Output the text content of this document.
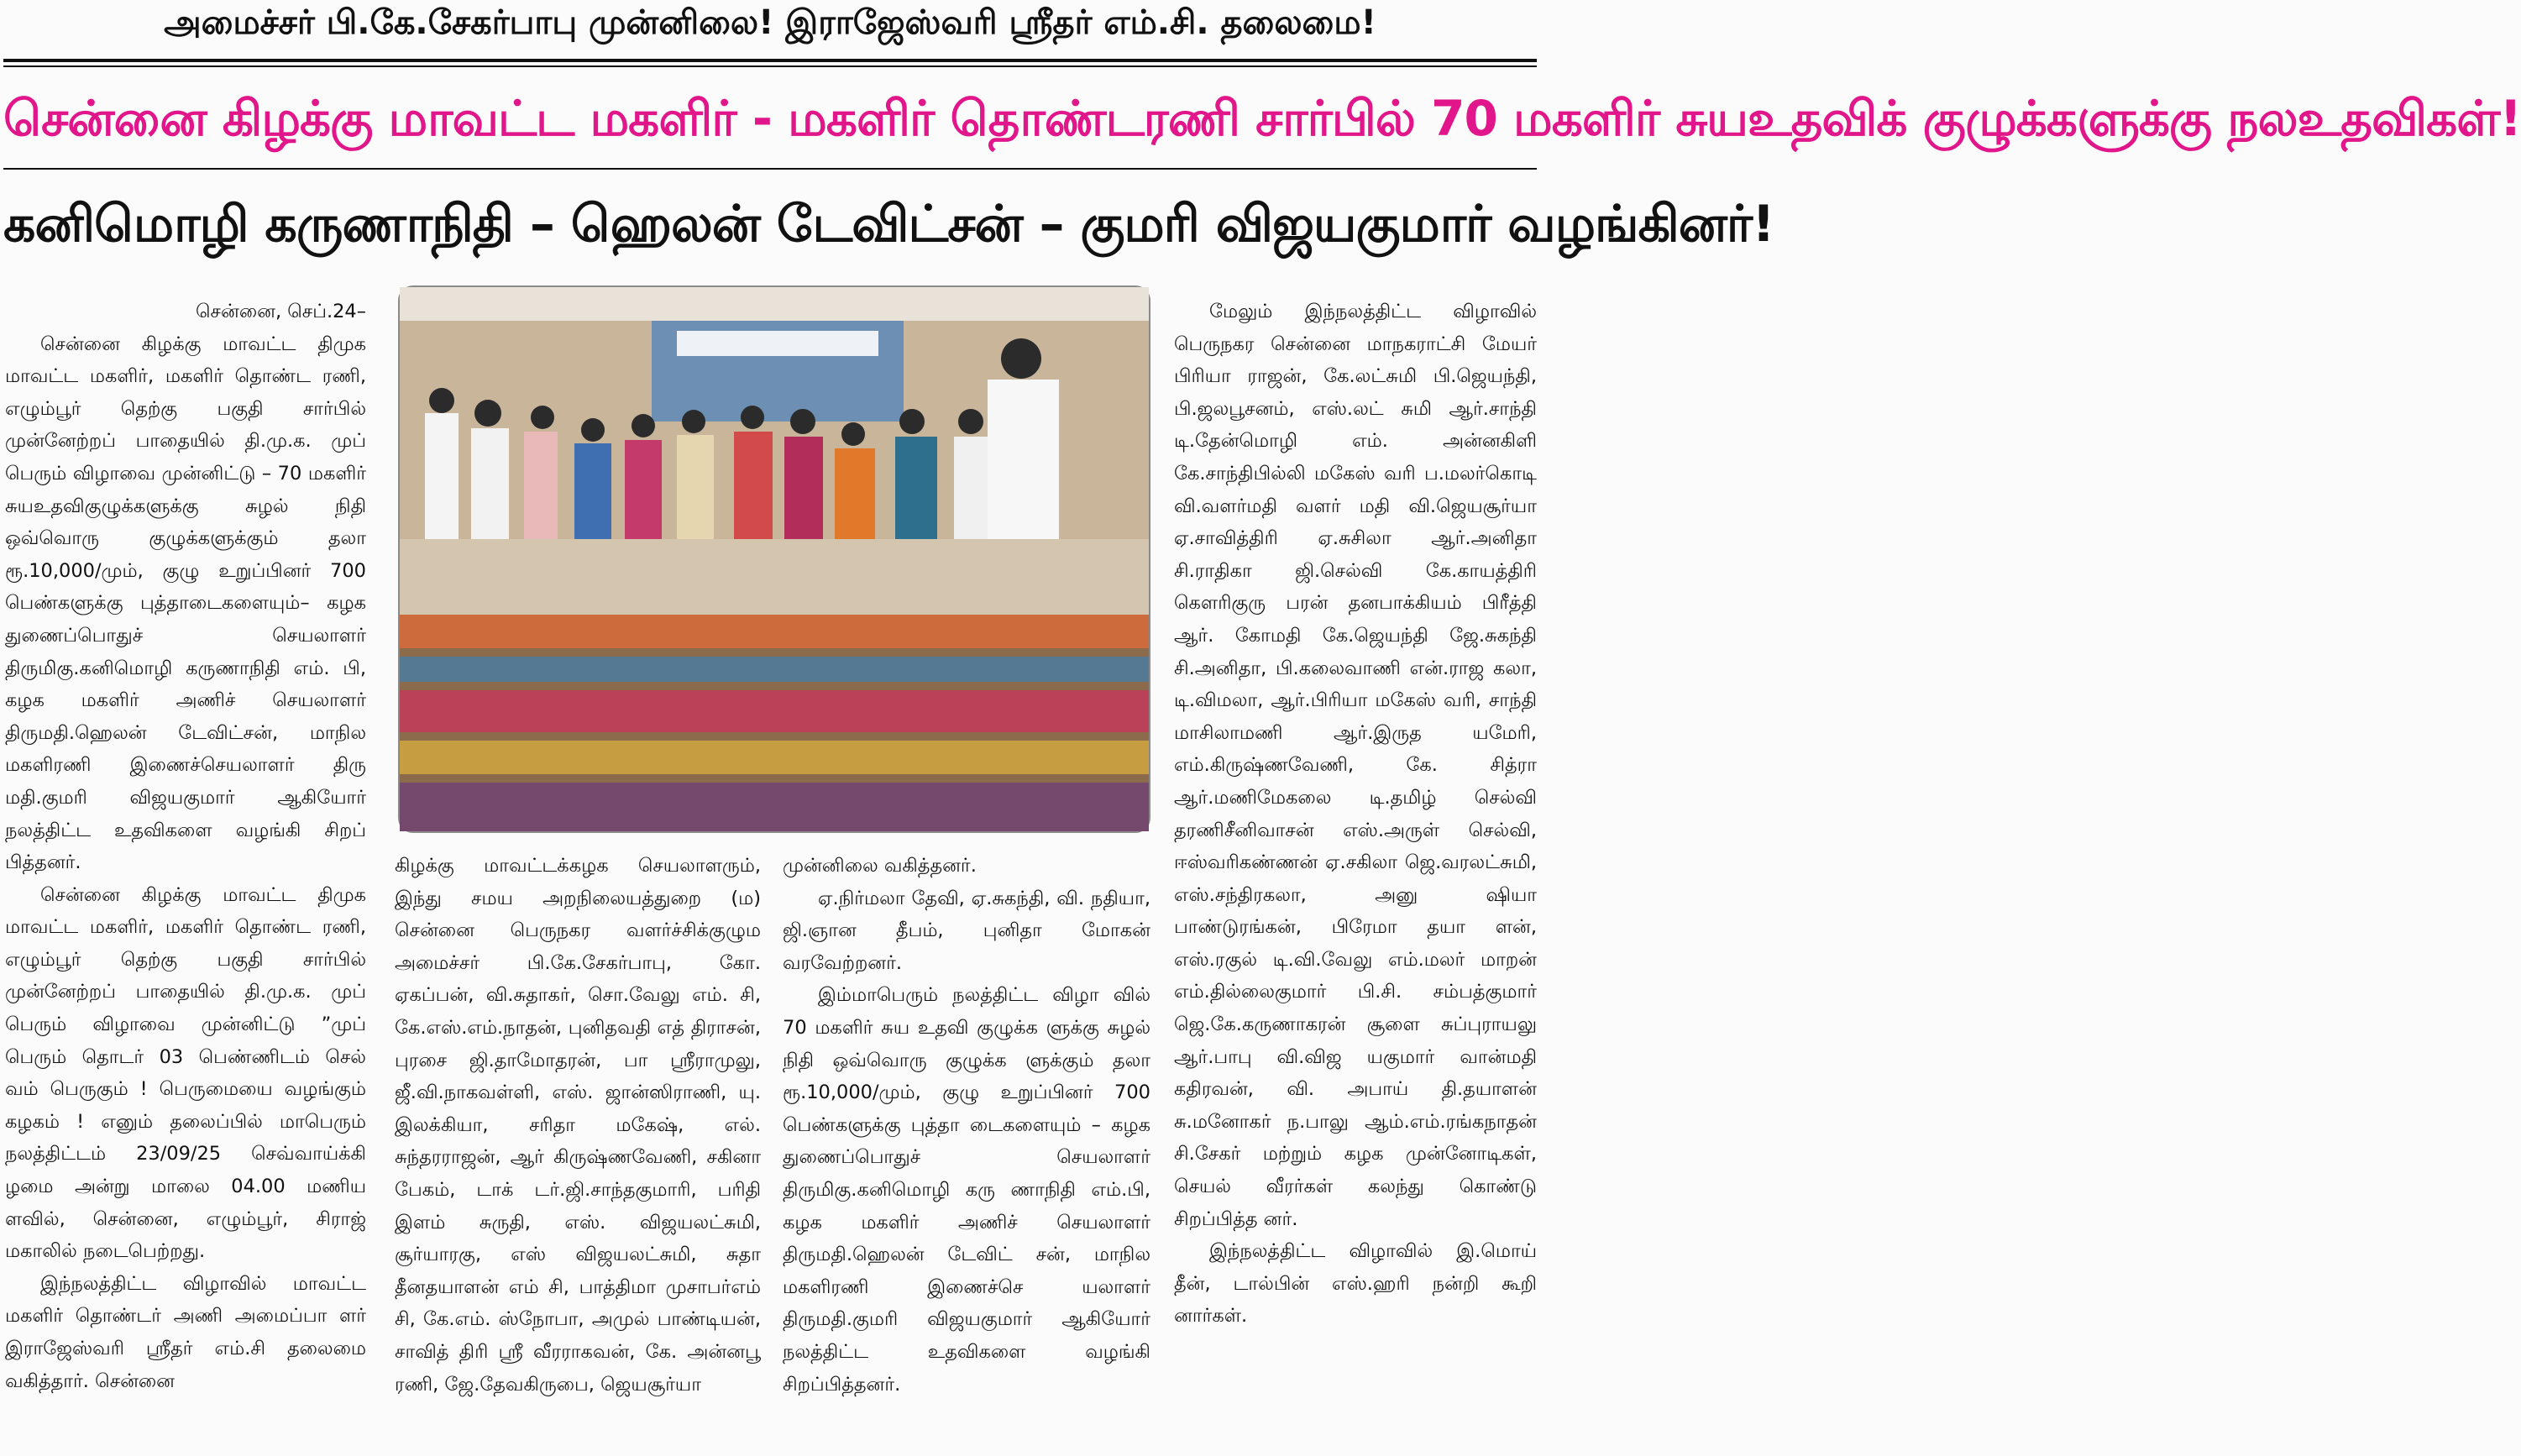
அமைச்சர் பி.கே.சேகர்பாபு முன்னிலை! இராஜேஸ்வரி ஸ்ரீதர் எம்.சி. தலைமை!
சென்னை கிழக்கு மாவட்ட மகளிர் - மகளிர் தொண்டரணி சார்பில் 70 மகளிர் சுயஉதவிக் குழுக்களுக்கு நலஉதவிகள்!
கனிமொழி கருணாநிதி – ஹெலன் டேவிட்சன் – குமரி விஜயகுமார் வழங்கினர்!

சென்னை, செப்.24–

சென்னை கிழக்கு மாவட்ட திமுக மாவட்ட மகளிர், மகளிர் தொண்ட ரணி, எழும்பூர் தெற்கு பகுதி சார்பில் முன்னேற்றப் பாதையில் தி.மு.க. முப் பெரும் விழாவை முன்னிட்டு – 70 மகளிர் சுயஉதவிகுழுக்களுக்கு சுழல் நிதி ஒவ்வொரு குழுக்களுக்கும் தலா ரூ.10,000/மும், குழு உறுப்பினர் 700 பெண்களுக்கு புத்தாடைகளையும்– கழக துணைப்பொதுச் செயலாளர் திருமிகு.கனிமொழி கருணாநிதி எம். பி, கழக மகளிர் அணிச் செயலாளர் திருமதி.ஹெலன் டேவிட்சன், மாநில மகளிரணி இணைச்செயலாளர் திரு மதி.குமரி விஜயகுமார் ஆகியோர் நலத்திட்ட உதவிகளை வழங்கி சிறப் பித்தனர்.

சென்னை கிழக்கு மாவட்ட திமுக மாவட்ட மகளிர், மகளிர் தொண்ட ரணி, எழும்பூர் தெற்கு பகுதி சார்பில் முன்னேற்றப் பாதையில் தி.மு.க. முப் பெரும் விழாவை முன்னிட்டு ”முப் பெரும் தொடர் 03 பெண்ணிடம் செல் வம் பெருகும் ! பெருமையை வழங்கும் கழகம் ! எனும் தலைப்பில் மாபெரும் நலத்திட்டம் 23/09/25 செவ்வாய்க்கி ழமை அன்று மாலை 04.00 மணிய ளவில், சென்னை, எழும்பூர், சிராஜ் மகாலில் நடைபெற்றது.

இந்நலத்திட்ட விழாவில் மாவட்ட மகளிர் தொண்டர் அணி அமைப்பா ளர் இராஜேஸ்வரி ஸ்ரீதர் எம்.சி தலைமை வகித்தார். சென்னை

கிழக்கு மாவட்டக்கழக செயலாளரும், இந்து சமய அறநிலையத்துறை (ம) சென்னை பெருநகர வளர்ச்சிக்குழும அமைச்சர் பி.கே.சேகர்பாபு, கோ. ஏகப்பன், வி.சுதாகர், சொ.வேலு எம். சி, கே.எஸ்.எம்.நாதன், புனிதவதி எத் திராசன், புரசை ஜி.தாமோதரன், பா ஸ்ரீராமுலு, ஜீ.வி.நாகவள்ளி, எஸ். ஜான்ஸிராணி, யு. இலக்கியா, சரிதா மகேஷ், எல். சுந்தரராஜன், ஆர் கிருஷ்ணவேணி, சகினா பேகம், டாக் டர்.ஜி.சாந்தகுமாரி, பரிதி இளம் சுருதி, எஸ். விஜயலட்சுமி, சூர்யாரகு, எஸ் விஜயலட்சுமி, சுதா தீனதயாளன் எம் சி, பாத்திமா முசாபர்எம் சி, கே.எம். ஸ்நோபா, அமுல் பாண்டியன், சாவித் திரி ஸ்ரீ வீரராகவன், கே. அன்னபூ ரணி, ஜே.தேவகிருபை, ஜெயசூர்யா

முன்னிலை வகித்தனர்.

ஏ.நிர்மலா தேவி, ஏ.சுகந்தி, வி. நதியா, ஜி.ஞான தீபம், புனிதா மோகன் வரவேற்றனர்.

இம்மாபெரும் நலத்திட்ட விழா வில் 70 மகளிர் சுய உதவி குழுக்க ளுக்கு சுழல் நிதி ஒவ்வொரு குழுக்க ளுக்கும் தலா ரூ.10,000/மும், குழு உறுப்பினர் 700 பெண்களுக்கு புத்தா டைகளையும் – கழக துணைப்பொதுச் செயலாளர் திருமிகு.கனிமொழி கரு ணாநிதி எம்.பி, கழக மகளிர் அணிச் செயலாளர் திருமதி.ஹெலன் டேவிட் சன், மாநில மகளிரணி இணைச்செ யலாளர் திருமதி.குமரி விஜயகுமார் ஆகியோர் நலத்திட்ட உதவிகளை வழங்கி சிறப்பித்தனர்.

மேலும் இந்நலத்திட்ட விழாவில் பெருநகர சென்னை மாநகராட்சி மேயர் பிரியா ராஜன், கே.லட்சுமி பி.ஜெயந்தி, பி.ஜலபூசனம், எஸ்.லட் சுமி ஆர்.சாந்தி டி.தேன்மொழி எம். அன்னகிளி கே.சாந்திபில்லி மகேஸ் வரி ப.மலர்கொடி வி.வளர்மதி வளர் மதி வி.ஜெயசூர்யா ஏ.சாவித்திரி ஏ.சுசிலா ஆர்.அனிதா சி.ராதிகா ஜி.செல்வி கே.காயத்திரி கௌரிகுரு பரன் தனபாக்கியம் பிரீத்தி ஆர். கோமதி கே.ஜெயந்தி ஜே.சுகந்தி சி.அனிதா, பி.கலைவாணி என்.ராஜ கலா, டி.விமலா, ஆர்.பிரியா மகேஸ் வரி, சாந்தி மாசிலாமணி ஆர்.இருத யமேரி, எம்.கிருஷ்ணவேணி, கே. சித்ரா ஆர்.மணிமேகலை டி.தமிழ் செல்வி தரணிசீனிவாசன் எஸ்.அருள் செல்வி, ஈஸ்வரிகண்ணன் ஏ.சகிலா ஜெ.வரலட்சுமி, எஸ்.சந்திரகலா, அனு ஷியா பாண்டுரங்கன், பிரேமா தயா ளன், எஸ்.ரகுல் டி.வி.வேலு எம்.மலர் மாறன் எம்.தில்லைகுமார் பி.சி. சம்பத்குமார் ஜெ.கே.கருணாகரன் சூளை சுப்புராயலு ஆர்.பாபு வி.விஜ யகுமார் வான்மதி கதிரவன், வி. அபாய் தி.தயாளன் சு.மனோகர் ந.பாலு ஆம்.எம்.ரங்கநாதன் சி.சேகர் மற்றும் கழக முன்னோடிகள், செயல் வீரர்கள் கலந்து கொண்டு சிறப்பித்த னர்.

இந்நலத்திட்ட விழாவில் இ.மொய் தீன், டால்பின் எஸ்.ஹரி நன்றி கூறி னார்கள்.
